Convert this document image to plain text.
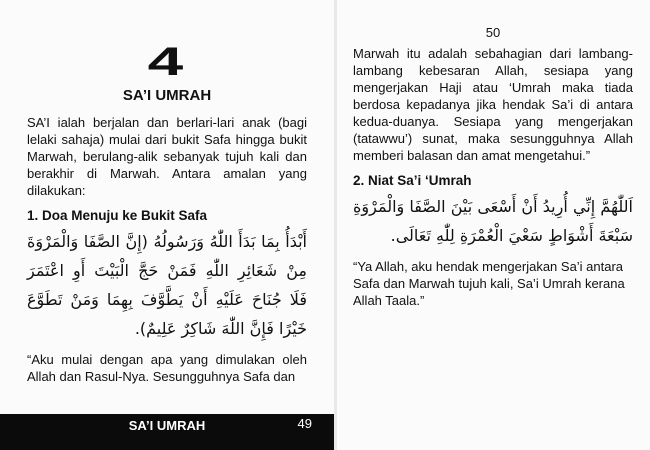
4
SA’I UMRAH
SA’I ialah berjalan dan berlari-lari anak (bagi lelaki sahaja) mulai dari bukit Safa hingga bukit Marwah, berulang-alik sebanyak tujuh kali dan berakhir di Marwah. Antara amalan yang dilakukan:
1. Doa Menuju ke Bukit Safa
أَبْدَأُ بِمَا بَدَأَ اللّٰهُ وَرَسُولُهُ (إِنَّ الصَّفَا وَالْمَرْوَةَ
مِنْ شَعَائِرِ اللّٰهِ فَمَنْ حَجَّ الْبَيْتَ أَوِ اعْتَمَرَ
فَلَا جُنَاحَ عَلَيْهِ أَنْ يَطَّوَّفَ بِهِمَا وَمَنْ تَطَوَّعَ
خَيْرًا فَإِنَّ اللّٰهَ شَاكِرٌ عَلِيمٌ).
“Aku mulai dengan apa yang dimulakan oleh Allah dan Rasul-Nya. Sesungguhnya Safa dan
SA’I UMRAH	49
50
Marwah itu adalah sebahagian dari lambang-lambang kebesaran Allah, sesiapa yang mengerjakan Haji atau ‘Umrah maka tiada berdosa kepadanya jika hendak Sa’i di antara kedua-duanya. Sesiapa yang mengerjakan (tatawwu’) sunat, maka sesungguhnya Allah memberi balasan dan amat mengetahui.”
2. Niat Sa’i ‘Umrah
اَللّٰهُمَّ إِنِّي أُرِيدُ أَنْ أَسْعَى بَيْنَ الصَّفَا وَالْمَرْوَةِ
سَبْعَةَ أَشْوَاطٍ سَعْيَ الْعُمْرَةِ لِلّٰهِ تَعَالَى.
“Ya Allah, aku hendak mengerjakan Sa’i antara Safa dan Marwah tujuh kali, Sa’i Umrah kerana Allah Taala.”
